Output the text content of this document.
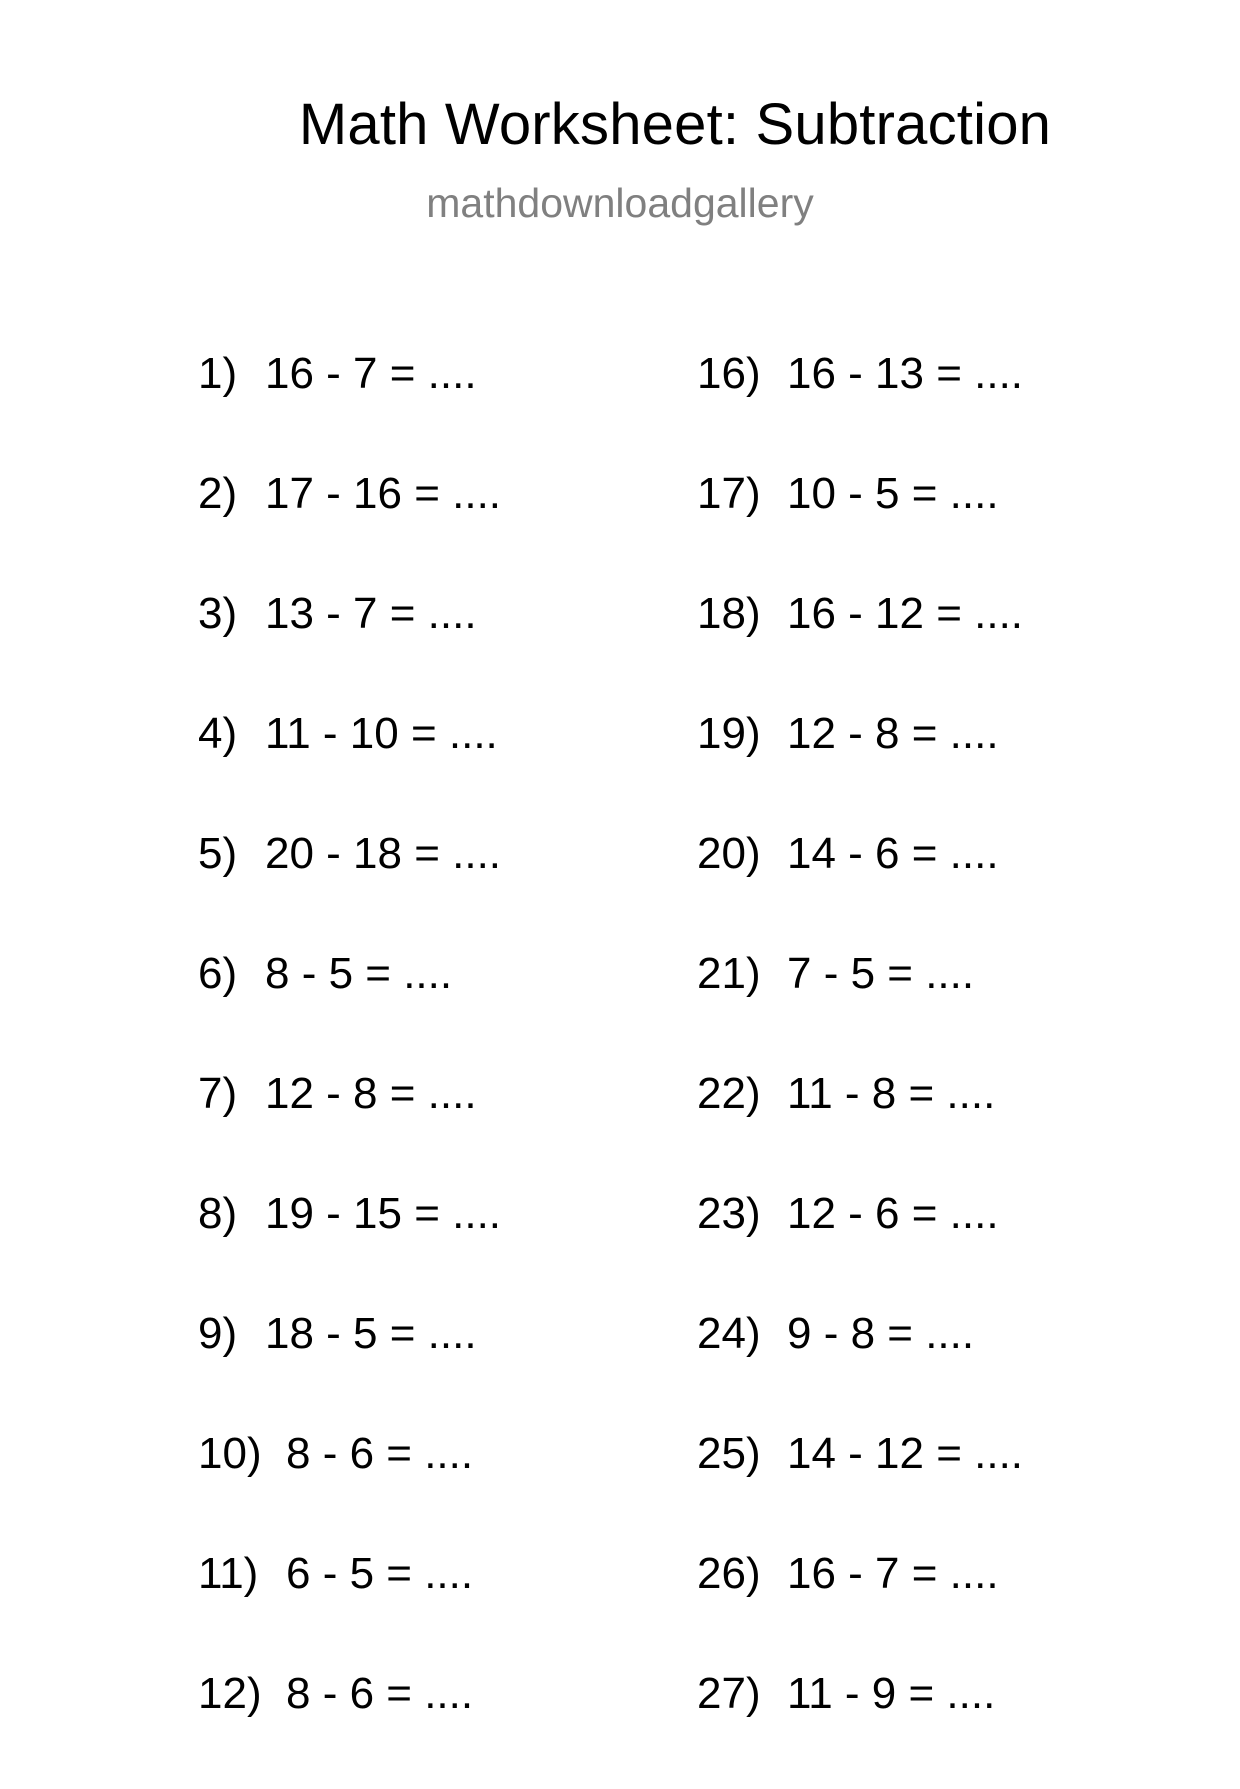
Math Worksheet: Subtraction
mathdownloadgallery
1) 16 - 7 = ....
2) 17 - 16 = ....
3) 13 - 7 = ....
4) 11 - 10 = ....
5) 20 - 18 = ....
6) 8 - 5 = ....
7) 12 - 8 = ....
8) 19 - 15 = ....
9) 18 - 5 = ....
10) 8 - 6 = ....
11) 6 - 5 = ....
12) 8 - 6 = ....
16) 16 - 13 = ....
17) 10 - 5 = ....
18) 16 - 12 = ....
19) 12 - 8 = ....
20) 14 - 6 = ....
21) 7 - 5 = ....
22) 11 - 8 = ....
23) 12 - 6 = ....
24) 9 - 8 = ....
25) 14 - 12 = ....
26) 16 - 7 = ....
27) 11 - 9 = ....
